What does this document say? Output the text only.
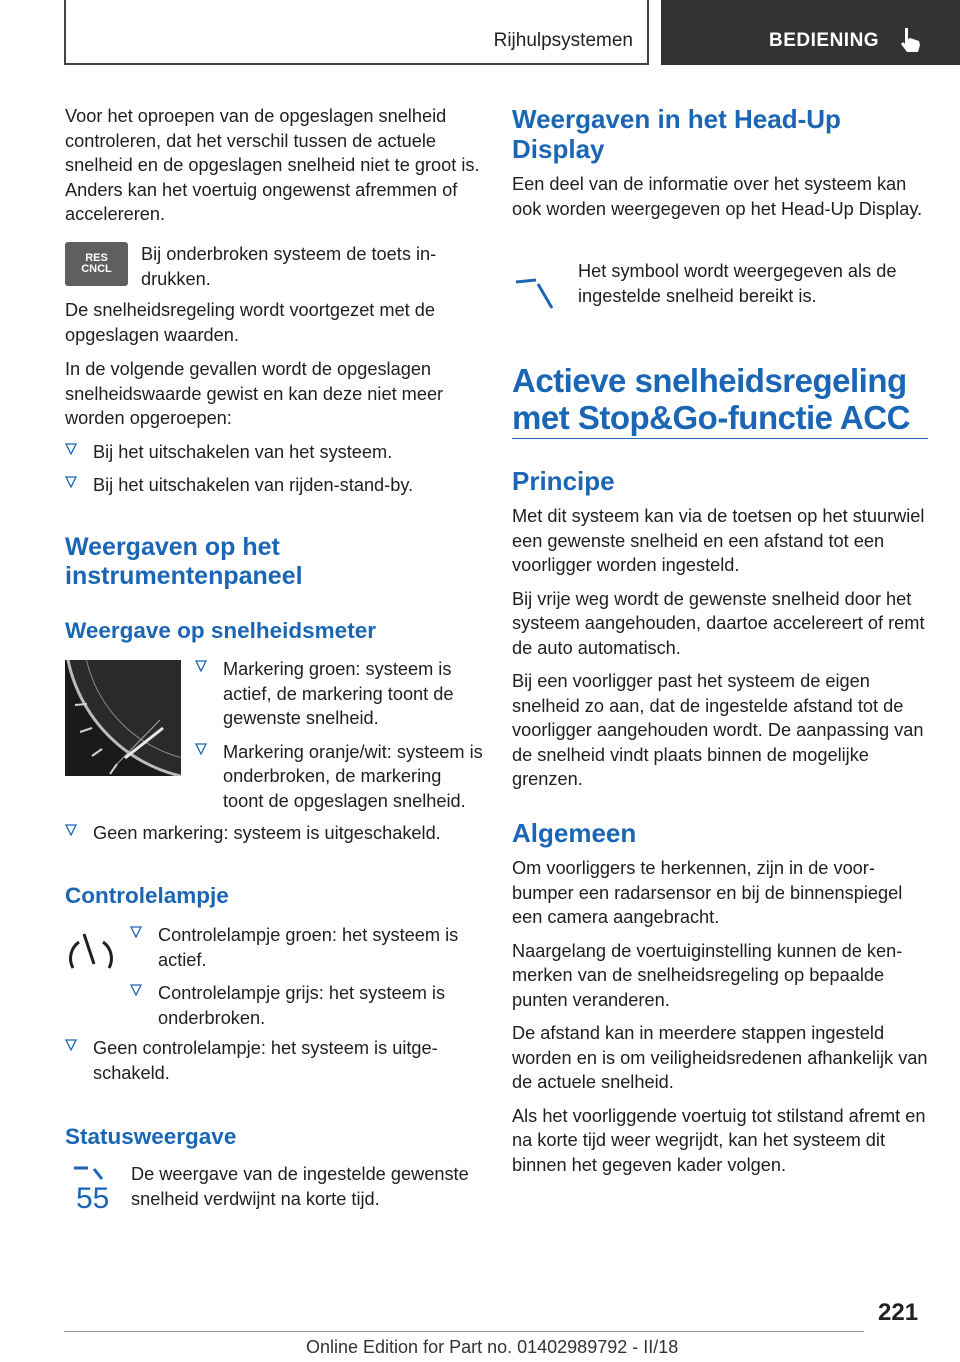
Rijhulpsystemen	BEDIENING

Voor het oproepen van de opgeslagen snelheid controleren, dat het verschil tussen de actuele snelheid en de opgeslagen snelheid niet te groot is. Anders kan het voertuig ongewenst afremmen of accelereren.

RES CNCL

Bij onderbroken systeem de toets indrukken.

De snelheidsregeling wordt voortgezet met de opgeslagen waarden.

In de volgende gevallen wordt de opgeslagen snelheidswaarde gewist en kan deze niet meer worden opgeroepen:

Bij het uitschakelen van het systeem.
Bij het uitschakelen van rijden-stand-by.
Weergaven op het instrumentenpaneel
Weergave op snelheidsmeter
Markering groen: systeem is actief, de markering toont de gewenste snelheid.
Markering oranje/wit: systeem is onderbroken, de markering toont de opgeslagen snelheid.
Geen markering: systeem is uitgeschakeld.
Controlelampje
Controlelampje groen: het systeem is actief.
Controlelampje grijs: het systeem is onderbroken.
Geen controlelampje: het systeem is uitgeschakeld.
Statusweergave
55

De weergave van de ingestelde gewenste snelheid verdwijnt na korte tijd.

Weergaven in het Head-Up Display

Een deel van de informatie over het systeem kan ook worden weergegeven op het Head-Up Display.

Het symbool wordt weergegeven als de ingestelde snelheid bereikt is.

Actieve snelheidsregeling met Stop&Go-functie ACC
Principe

Met dit systeem kan via de toetsen op het stuurwiel een gewenste snelheid en een afstand tot een voorligger worden ingesteld.

Bij vrije weg wordt de gewenste snelheid door het systeem aangehouden, daartoe accelereert of remt de auto automatisch.

Bij een voorligger past het systeem de eigen snelheid zo aan, dat de ingestelde afstand tot de voorligger aangehouden wordt. De aanpassing van de snelheid vindt plaats binnen de mogelijke grenzen.

Algemeen

Om voorliggers te herkennen, zijn in de voorbumper een radarsensor en bij de binnenspiegel een camera aangebracht.

Naargelang de voertuiginstelling kunnen de kenmerken van de snelheidsregeling op bepaalde punten veranderen.

De afstand kan in meerdere stappen ingesteld worden en is om veiligheidsredenen afhankelijk van de actuele snelheid.

Als het voorliggende voertuig tot stilstand afremt en na korte tijd weer wegrijdt, kan het systeem dit binnen het gegeven kader volgen.

221
Online Edition for Part no. 01402989792 - II/18
